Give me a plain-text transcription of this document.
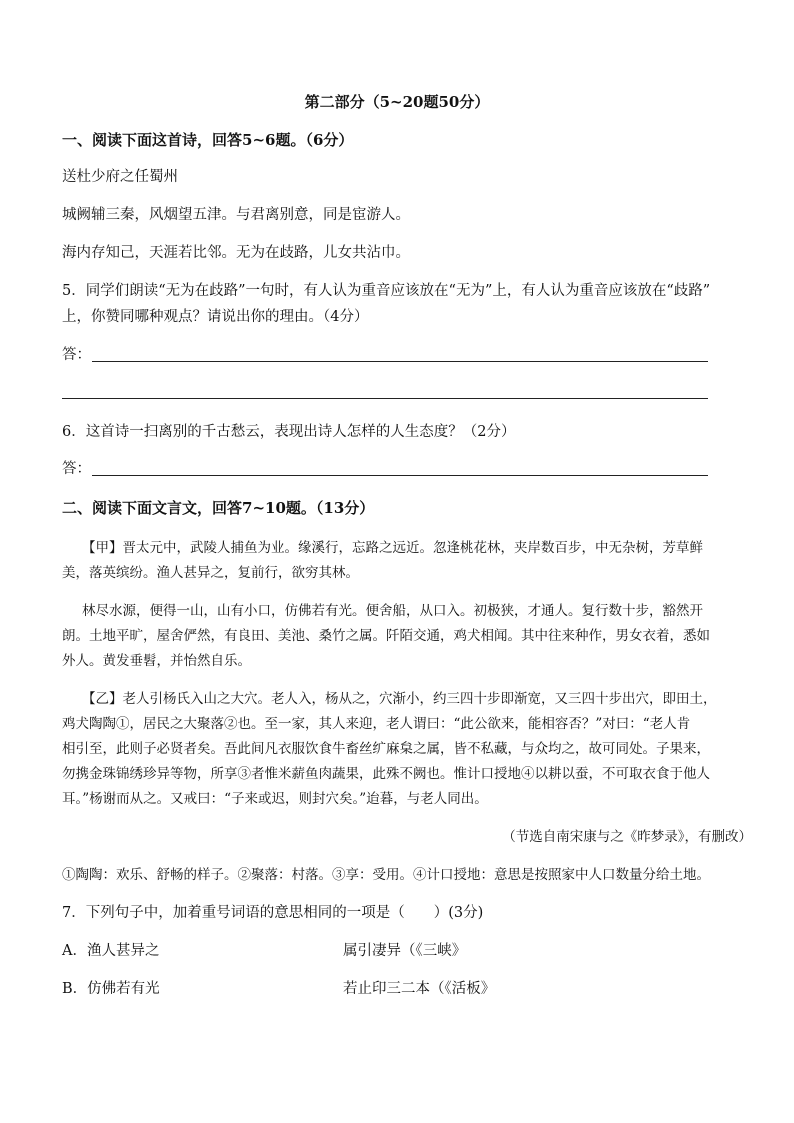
第二部分（5~20题50分）
一、阅读下面这首诗，回答5~6题。（6分）
送杜少府之任蜀州
城阙辅三秦，风烟望五津。与君离别意，同是宦游人。
海内存知己，天涯若比邻。无为在歧路，儿女共沾巾。
5．同学们朗读“无为在歧路”一句时，有人认为重音应该放在“无为”上，有人认为重音应该放在“歧路”
上，你赞同哪种观点？请说出你的理由。（4分）
答：
6．这首诗一扫离别的千古愁云，表现出诗人怎样的人生态度？（2分）
答：
二、阅读下面文言文，回答7~10题。（13分）
【甲】晋太元中，武陵人捕鱼为业。缘溪行，忘路之远近。忽逢桃花林，夹岸数百步，中无杂树，芳草鲜
美，落英缤纷。渔人甚异之，复前行，欲穷其林。
林尽水源，便得一山，山有小口，仿佛若有光。便舍船，从口入。初极狭，才通人。复行数十步，豁然开
朗。土地平旷，屋舍俨然，有良田、美池、桑竹之属。阡陌交通，鸡犬相闻。其中往来种作，男女衣着，悉如
外人。黄发垂髫，并怡然自乐。
【乙】老人引杨氏入山之大穴。老人入，杨从之，穴渐小，约三四十步即渐宽，又三四十步出穴，即田土，
鸡犬陶陶①，居民之大聚落②也。至一家，其人来迎，老人谓曰：“此公欲来，能相容否？”对曰：“老人肯
相引至，此则子必贤者矣。吾此间凡衣服饮食牛畜丝纩麻枲之属，皆不私藏，与众均之，故可同处。子果来，
勿携金珠锦绣珍异等物，所享③者惟米薪鱼肉蔬果，此殊不阙也。惟计口授地④以耕以蚕，不可取衣食于他人
耳。”杨谢而从之。又戒曰：“子来或迟，则封穴矣。”迨暮，与老人同出。
（节选自南宋康与之《昨梦录》，有删改）
①陶陶：欢乐、舒畅的样子。②聚落：村落。③享：受用。④计口授地：意思是按照家中人口数量分给土地。
7．下列句子中，加着重号词语的意思相同的一项是（　　）(3分)
A．渔人甚异之	属引凄异（《三峡》
B．仿佛若有光	若止印三二本（《活板》
